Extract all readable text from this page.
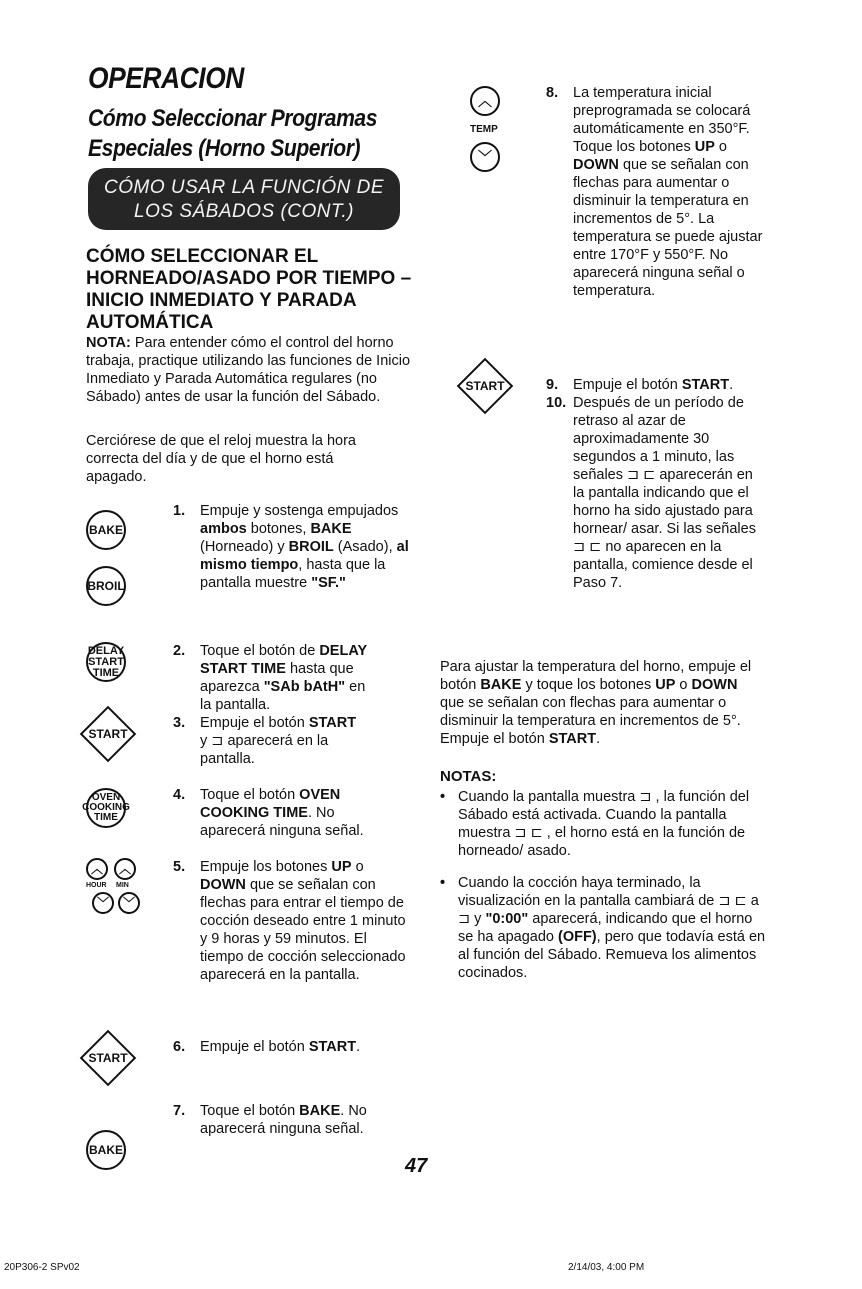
OPERACION
Cómo Seleccionar Programas
Especiales (Horno Superior)
CÓMO USAR LA FUNCIÓN DE
LOS SÁBADOS (CONT.)
CÓMO SELECCIONAR EL HORNEADO/ASADO POR TIEMPO – INICIO INMEDIATO Y PARADA AUTOMÁTICA
NOTA: Para entender cómo el control del horno trabaja, practique utilizando las funciones de Inicio Inmediato y Parada Automática regulares (no Sábado) antes de usar la función del Sábado.
Cerciórese de que el reloj muestra la hora correcta del día y de que el horno está apagado.
BAKE
BROIL
DELAY
START
TIME
START
OVEN
COOKING
TIME
︿	︿
HOUR MIN
﹀	﹀
START
BAKE
1. Empuje y sostenga empujados ambos botones, BAKE (Horneado) y BROIL (Asado), al mismo tiempo, hasta que la pantalla muestre "SF."
2. Toque el botón de DELAY START TIME hasta que aparezca "SAb bAtH" en la pantalla.
3. Empuje el botón START y ⊐ aparecerá en la pantalla.
4. Toque el botón OVEN COOKING TIME. No aparecerá ninguna señal.
5. Empuje los botones UP o DOWN que se señalan con flechas para entrar el tiempo de cocción deseado entre 1 minuto y 9 horas y 59 minutos. El tiempo de cocción seleccionado aparecerá en la pantalla.
6. Empuje el botón START.
7. Toque el botón BAKE. No aparecerá ninguna señal.
︿
TEMP
﹀
START
8. La temperatura inicial preprogramada se colocará automáticamente en 350°F. Toque los botones UP o DOWN que se señalan con flechas para aumentar o disminuir la temperatura en incrementos de 5°. La temperatura se puede ajustar entre 170°F y 550°F. No aparecerá ninguna señal o temperatura.
9. Empuje el botón START.
10. Después de un período de retraso al azar de aproximadamente 30 segundos a 1 minuto, las señales ⊐ ⊏ aparecerán en la pantalla indicando que el horno ha sido ajustado para hornear/ asar. Si las señales ⊐ ⊏ no aparecen en la pantalla, comience desde el Paso 7.
Para ajustar la temperatura del horno, empuje el botón BAKE y toque los botones UP o DOWN que se señalan con flechas para aumentar o disminuir la temperatura en incrementos de 5°. Empuje el botón START.
NOTAS:
• Cuando la pantalla muestra ⊐ , la función del Sábado está activada. Cuando la pantalla muestra ⊐ ⊏ , el horno está en la función de horneado/ asado.
• Cuando la cocción haya terminado, la visualización en la pantalla cambiará de ⊐ ⊏ a ⊐ y "0:00" aparecerá, indicando que el horno se ha apagado (OFF), pero que todavía está en al función del Sábado. Remueva los alimentos cocinados.
47
20P306-2 SPv02	2/14/03, 4:00 PM
